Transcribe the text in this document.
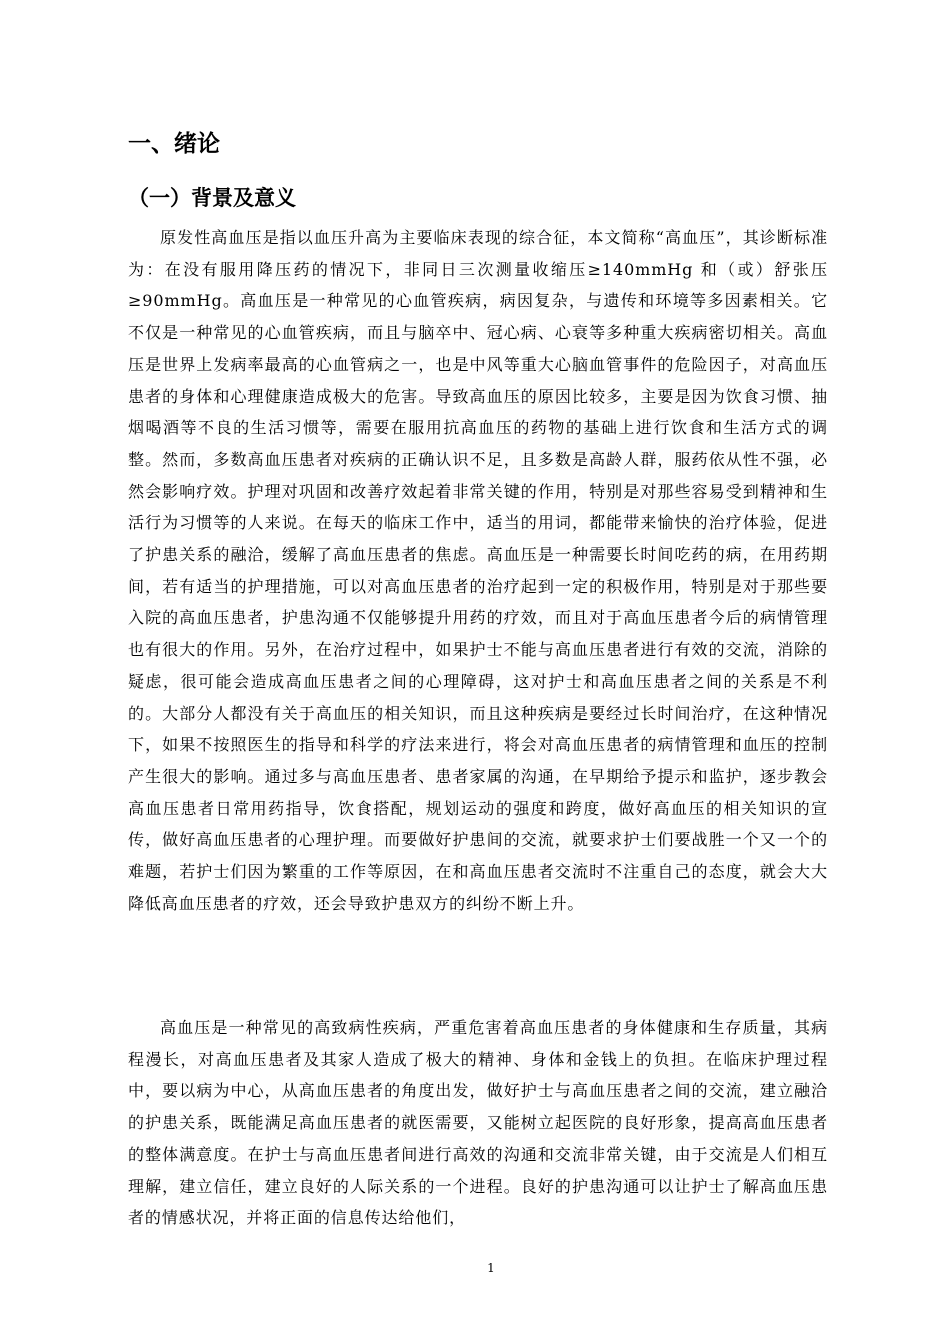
一、绪论
（一）背景及意义

原发性高血压是指以血压升高为主要临床表现的综合征，本文简称“高血压”，其诊断标准为：在没有服用降压药的情况下，非同日三次测量收缩压≥140mmHg 和（或）舒张压≥90mmHg。高血压是一种常见的心血管疾病，病因复杂，与遗传和环境等多因素相关。它不仅是一种常见的心血管疾病，而且与脑卒中、冠心病、心衰等多种重大疾病密切相关。高血压是世界上发病率最高的心血管病之一，也是中风等重大心脑血管事件的危险因子，对高血压患者的身体和心理健康造成极大的危害。导致高血压的原因比较多，主要是因为饮食习惯、抽烟喝酒等不良的生活习惯等，需要在服用抗高血压的药物的基础上进行饮食和生活方式的调整。然而，多数高血压患者对疾病的正确认识不足，且多数是高龄人群，服药依从性不强，必然会影响疗效。护理对巩固和改善疗效起着非常关键的作用，特别是对那些容易受到精神和生活行为习惯等的人来说。在每天的临床工作中，适当的用词，都能带来愉快的治疗体验，促进了护患关系的融洽，缓解了高血压患者的焦虑。高血压是一种需要长时间吃药的病，在用药期间，若有适当的护理措施，可以对高血压患者的治疗起到一定的积极作用，特别是对于那些要入院的高血压患者，护患沟通不仅能够提升用药的疗效，而且对于高血压患者今后的病情管理也有很大的作用。另外，在治疗过程中，如果护士不能与高血压患者进行有效的交流，消除的疑虑，很可能会造成高血压患者之间的心理障碍，这对护士和高血压患者之间的关系是不利的。大部分人都没有关于高血压的相关知识，而且这种疾病是要经过长时间治疗，在这种情况下，如果不按照医生的指导和科学的疗法来进行，将会对高血压患者的病情管理和血压的控制产生很大的影响。通过多与高血压患者、患者家属的沟通，在早期给予提示和监护，逐步教会高血压患者日常用药指导，饮食搭配，规划运动的强度和跨度，做好高血压的相关知识的宣传，做好高血压患者的心理护理。而要做好护患间的交流，就要求护士们要战胜一个又一个的难题，若护士们因为繁重的工作等原因，在和高血压患者交流时不注重自己的态度，就会大大降低高血压患者的疗效，还会导致护患双方的纠纷不断上升。

高血压是一种常见的高致病性疾病，严重危害着高血压患者的身体健康和生存质量，其病程漫长，对高血压患者及其家人造成了极大的精神、身体和金钱上的负担。在临床护理过程中，要以病为中心，从高血压患者的角度出发，做好护士与高血压患者之间的交流，建立融洽的护患关系，既能满足高血压患者的就医需要，又能树立起医院的良好形象，提高高血压患者的整体满意度。在护士与高血压患者间进行高效的沟通和交流非常关键，由于交流是人们相互理解，建立信任，建立良好的人际关系的一个进程。良好的护患沟通可以让护士了解高血压患者的情感状况，并将正面的信息传达给他们，

1
